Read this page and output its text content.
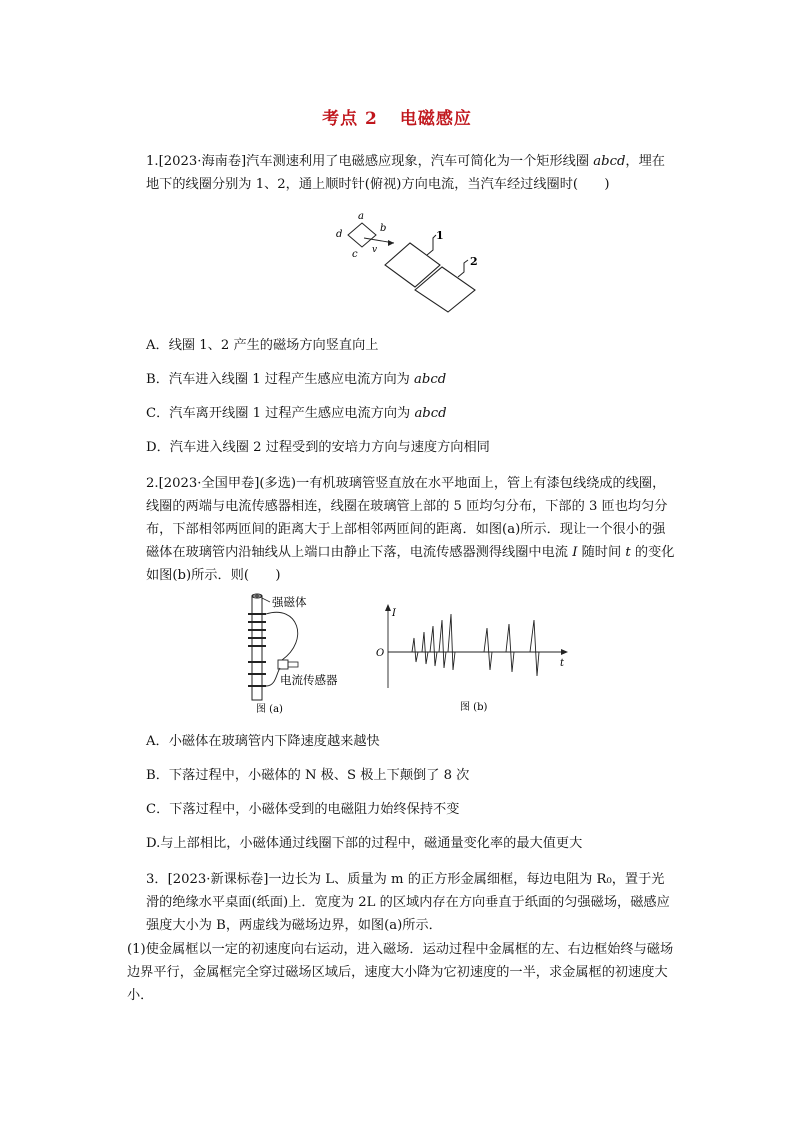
考点 2 电磁感应
1.[2023·海南卷]汽车测速利用了电磁感应现象，汽车可简化为一个矩形线圈 abcd，埋在地下的线圈分别为 1、2，通上顺时针(俯视)方向电流，当汽车经过线圈时(　　)
a
b
d
c v
1
2
A．线圈 1、2 产生的磁场方向竖直向上
B．汽车进入线圈 1 过程产生感应电流方向为 abcd
C．汽车离开线圈 1 过程产生感应电流方向为 abcd
D．汽车进入线圈 2 过程受到的安培力方向与速度方向相同
2.[2023·全国甲卷](多选)一有机玻璃管竖直放在水平地面上，管上有漆包线绕成的线圈，线圈的两端与电流传感器相连，线圈在玻璃管上部的 5 匝均匀分布，下部的 3 匝也均匀分布，下部相邻两匝间的距离大于上部相邻两匝间的距离．如图(a)所示．现让一个很小的强磁体在玻璃管内沿轴线从上端口由静止下落，电流传感器测得线圈中电流 I 随时间 t 的变化如图(b)所示．则(　　)
强磁体
电流传感器
图 (a)
I
t
O
图 (b)
A．小磁体在玻璃管内下降速度越来越快
B．下落过程中，小磁体的 N 极、S 极上下颠倒了 8 次
C．下落过程中，小磁体受到的电磁阻力始终保持不变
D.与上部相比，小磁体通过线圈下部的过程中，磁通量变化率的最大值更大
3．[2023·新课标卷]一边长为 L、质量为 m 的正方形金属细框，每边电阻为 R₀，置于光滑的绝缘水平桌面(纸面)上．宽度为 2L 的区域内存在方向垂直于纸面的匀强磁场，磁感应强度大小为 B，两虚线为磁场边界，如图(a)所示．
(1)使金属框以一定的初速度向右运动，进入磁场．运动过程中金属框的左、右边框始终与磁场边界平行，金属框完全穿过磁场区域后，速度大小降为它初速度的一半，求金属框的初速度大小．
